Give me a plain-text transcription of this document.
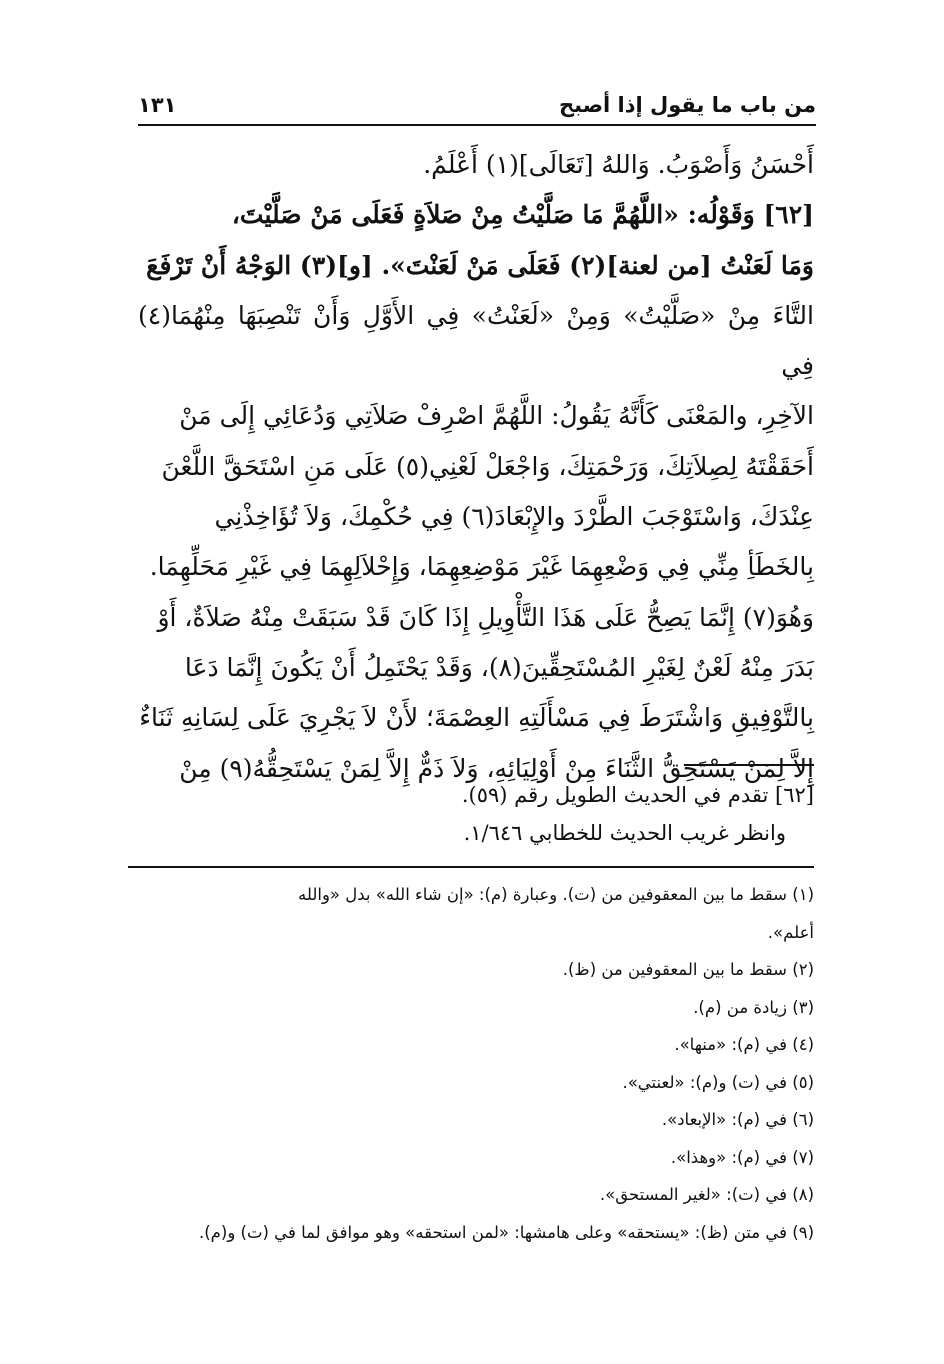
من باب ما يقول إذا أصبح
١٣١

أَحْسَنُ وَأَصْوَبُ. وَاللهُ [تَعَالَى](١) أَعْلَمُ.

[٦٢] وَقَوْلُه: «اللَّهُمَّ مَا صَلَّيْتُ مِنْ صَلاَةٍ فَعَلَى مَنْ صَلَّيْتَ،

وَمَا لَعَنْتُ [من لعنة](٢) فَعَلَى مَنْ لَعَنْتَ». [و](٣) الوَجْهُ أَنْ تَرْفَعَ

التَّاءَ مِنْ «صَلَّيْتُ» وَمِنْ «لَعَنْتُ» فِي الأَوَّلِ وَأَنْ تَنْصِبَهَا مِنْهُمَا(٤) فِي

الآخِرِ، والمَعْنَى كَأَنَّهُ يَقُولُ: اللَّهُمَّ اصْرِفْ صَلاَتِي وَدُعَائِي إِلَى مَنْ

أَحَقَقْتَهُ لِصِلاَتِكَ، وَرَحْمَتِكَ، وَاجْعَلْ لَعْنِي(٥) عَلَى مَنِ اسْتَحَقَّ اللَّعْنَ

عِنْدَكَ، وَاسْتَوْجَبَ الطَّرْدَ والإِبْعَادَ(٦) فِي حُكْمِكَ، وَلاَ تُؤَاخِذْنِي

بِالخَطَأِ مِنِّي فِي وَضْعِهِمَا غَيْرَ مَوْضِعِهِمَا، وَإِحْلاَلِهِمَا فِي غَيْرِ مَحَلِّهِمَا.

وَهُوَ(٧) إِنَّمَا يَصِحُّ عَلَى هَذَا التَّأْوِيلِ إِذَا كَانَ قَدْ سَبَقَتْ مِنْهُ صَلاَةٌ، أَوْ

بَدَرَ مِنْهُ لَعْنٌ لِغَيْرِ المُسْتَحِقِّينَ(٨)، وَقَدْ يَحْتَمِلُ أَنْ يَكُونَ إِنَّمَا دَعَا

بِالتَّوْفِيقِ وَاشْتَرَطَ فِي مَسْأَلَتِهِ العِصْمَةَ؛ لأَنْ لاَ يَجْرِيَ عَلَى لِسَانِهِ ثَنَاءٌ

إِلاَّ لِمَنْ يَسْتَحِقُّ الثَّنَاءَ مِنْ أَوْلِيَائِهِ، وَلاَ ذَمٌّ إِلاَّ لِمَنْ يَسْتَحِقُّهُ(٩) مِنْ

[٦٢] تقدم في الحديث الطويل رقم (٥٩).
وانظر غريب الحديث للخطابي ١/٦٤٦.
(١) سقط ما بين المعقوفين من (ت). وعبارة (م): «إن شاء الله» بدل «والله
أعلم».
(٢) سقط ما بين المعقوفين من (ظ).
(٣) زيادة من (م).
(٤) في (م): «منها».
(٥) في (ت) و(م): «لعنتي».
(٦) في (م): «الإبعاد».
(٧) في (م): «وهذا».
(٨) في (ت): «لغير المستحق».
(٩) في متن (ظ): «يستحقه» وعلى هامشها: «لمن استحقه» وهو موافق لما في (ت) و(م).
